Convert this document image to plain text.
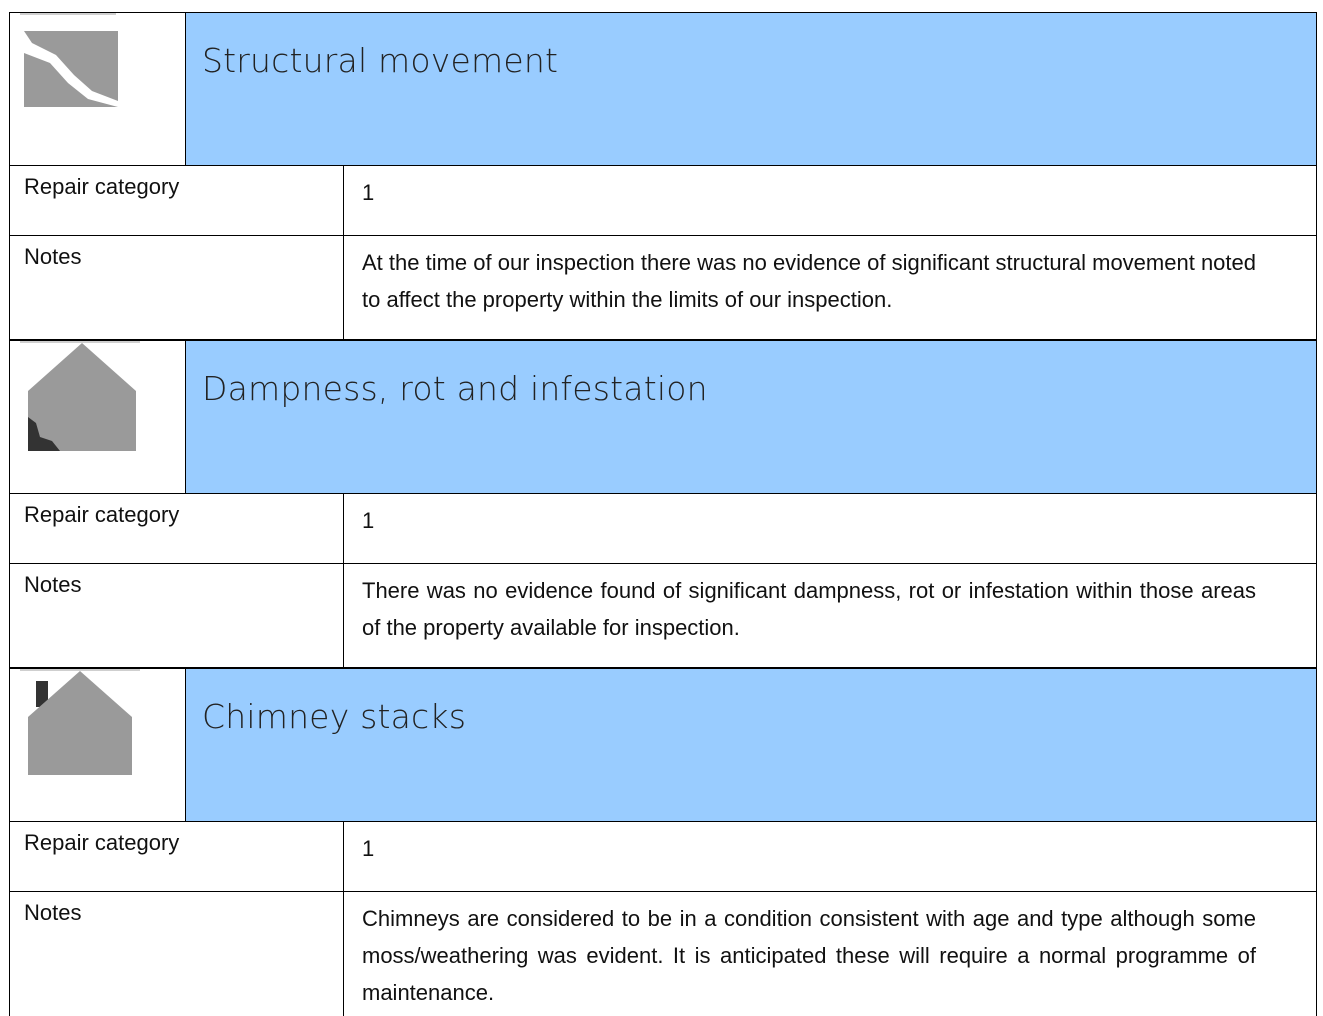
Structural movement
Repair category	1
Notes	At the time of our inspection there was no evidence of significant structural movement noted to affect the property within the limits of our inspection.
Dampness, rot and infestation
Repair category	1
Notes	There was no evidence found of significant dampness, rot or infestation within those areas of the property available for inspection.
Chimney stacks
Repair category	1
Notes	Chimneys are considered to be in a condition consistent with age and type although some moss/weathering was evident. It is anticipated these will require a normal programme of maintenance.
